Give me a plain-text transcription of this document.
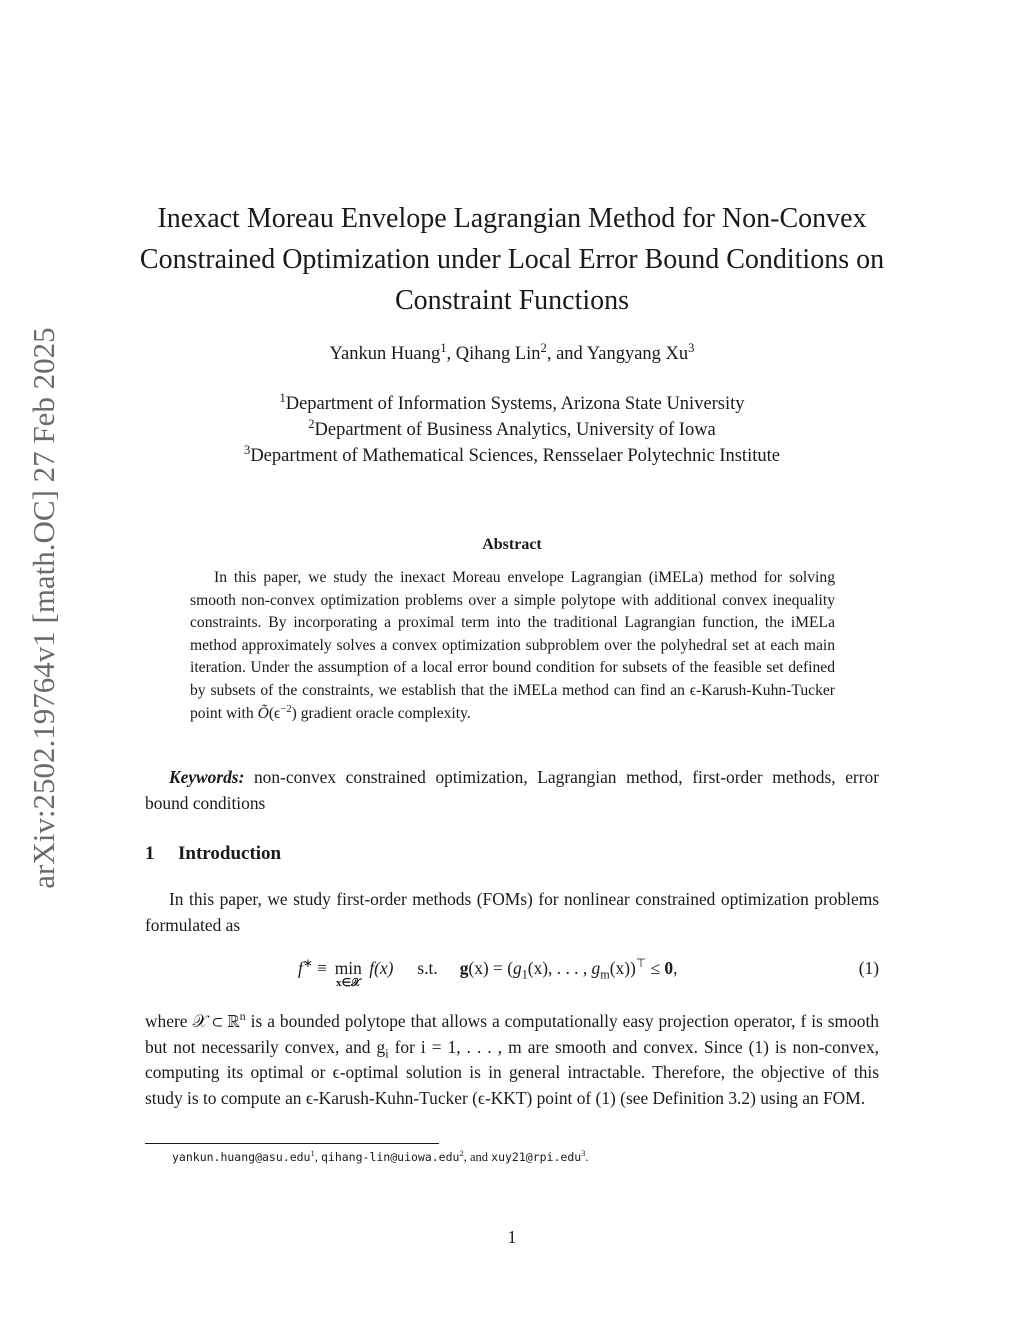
arXiv:2502.19764v1 [math.OC] 27 Feb 2025
Inexact Moreau Envelope Lagrangian Method for Non-Convex Constrained Optimization under Local Error Bound Conditions on Constraint Functions
Yankun Huang$^1$, Qihang Lin$^2$, and Yangyang Xu$^3$
$^1$Department of Information Systems, Arizona State University
$^2$Department of Business Analytics, University of Iowa
$^3$Department of Mathematical Sciences, Rensselaer Polytechnic Institute
Abstract
In this paper, we study the inexact Moreau envelope Lagrangian (iMELa) method for solving smooth non-convex optimization problems over a simple polytope with additional convex inequality constraints. By incorporating a proximal term into the traditional Lagrangian function, the iMELa method approximately solves a convex optimization subproblem over the polyhedral set at each main iteration. Under the assumption of a local error bound condition for subsets of the feasible set defined by subsets of the constraints, we establish that the iMELa method can find an ϵ-Karush-Kuhn-Tucker point with $Õ(\epsilon^{-2})$ gradient oracle complexity.
Keywords: non-convex constrained optimization, Lagrangian method, first-order methods, error bound conditions
1 Introduction
In this paper, we study first-order methods (FOMs) for nonlinear constrained optimization problems formulated as
f∗ ≡ min
x∈𝒳
f(x) s.t. $g(x) = (g_1(x)$, . . . , $g_m(x))^⊤ \le 0$,	(1)
where 𝒳 ⊂ ℝ$^n$ is a bounded polytope that allows a computationally easy projection operator, f is smooth but not necessarily convex, and $g_i$ for i = 1, . . . , m are smooth and convex. Since (1) is non-convex, computing its optimal or ϵ-optimal solution is in general intractable. Therefore, the objective of this study is to compute an ϵ-Karush-Kuhn-Tucker (ϵ-KKT) point of (1) (see Definition 3.2) using an FOM.
yankun.huang@asu.edu$^1$, qihang-lin@uiowa.edu$^2$, and xuy21@rpi.edu$^3$.
1
